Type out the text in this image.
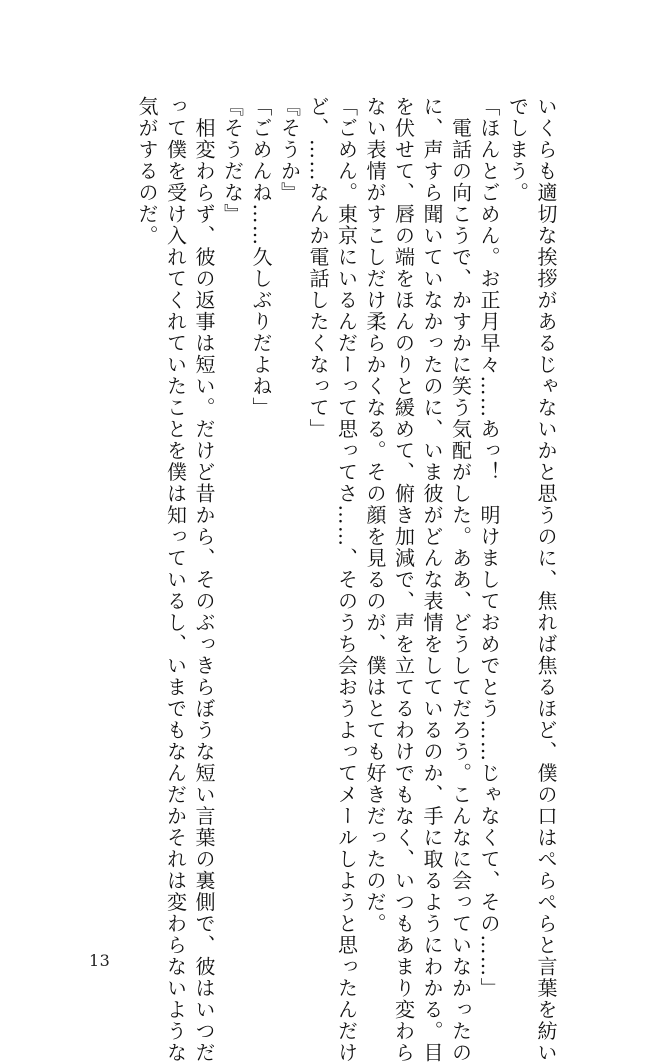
いくらも適切な挨拶があるじゃないかと思うのに、焦れば焦るほど、僕の口はぺらぺらと言葉を紡い
でしまう。
「ほんとごめん。お正月早々……あっ！　明けましておめでとう……じゃなくて、その……」
　電話の向こうで、かすかに笑う気配がした。ああ、どうしてだろう。こんなに会っていなかったの
に、声すら聞いていなかったのに、いま彼がどんな表情をしているのか、手に取るようにわかる。目
を伏せて、唇の端をほんのりと緩めて、俯き加減で、声を立てるわけでもなく、いつもあまり変わら
ない表情がすこしだけ柔らかくなる。その顔を見るのが、僕はとても好きだったのだ。
「ごめん。東京にいるんだーって思ってさ……、そのうち会おうよってメールしようと思ったんだけ
ど、……なんか電話したくなって」
『そうか』
「ごめんね……久しぶりだよね」
『そうだな』
　相変わらず、彼の返事は短い。だけど昔から、そのぶっきらぼうな短い言葉の裏側で、彼はいつだ
って僕を受け入れてくれていたことを僕は知っているし、いまでもなんだかそれは変わらないような
気がするのだ。
13
